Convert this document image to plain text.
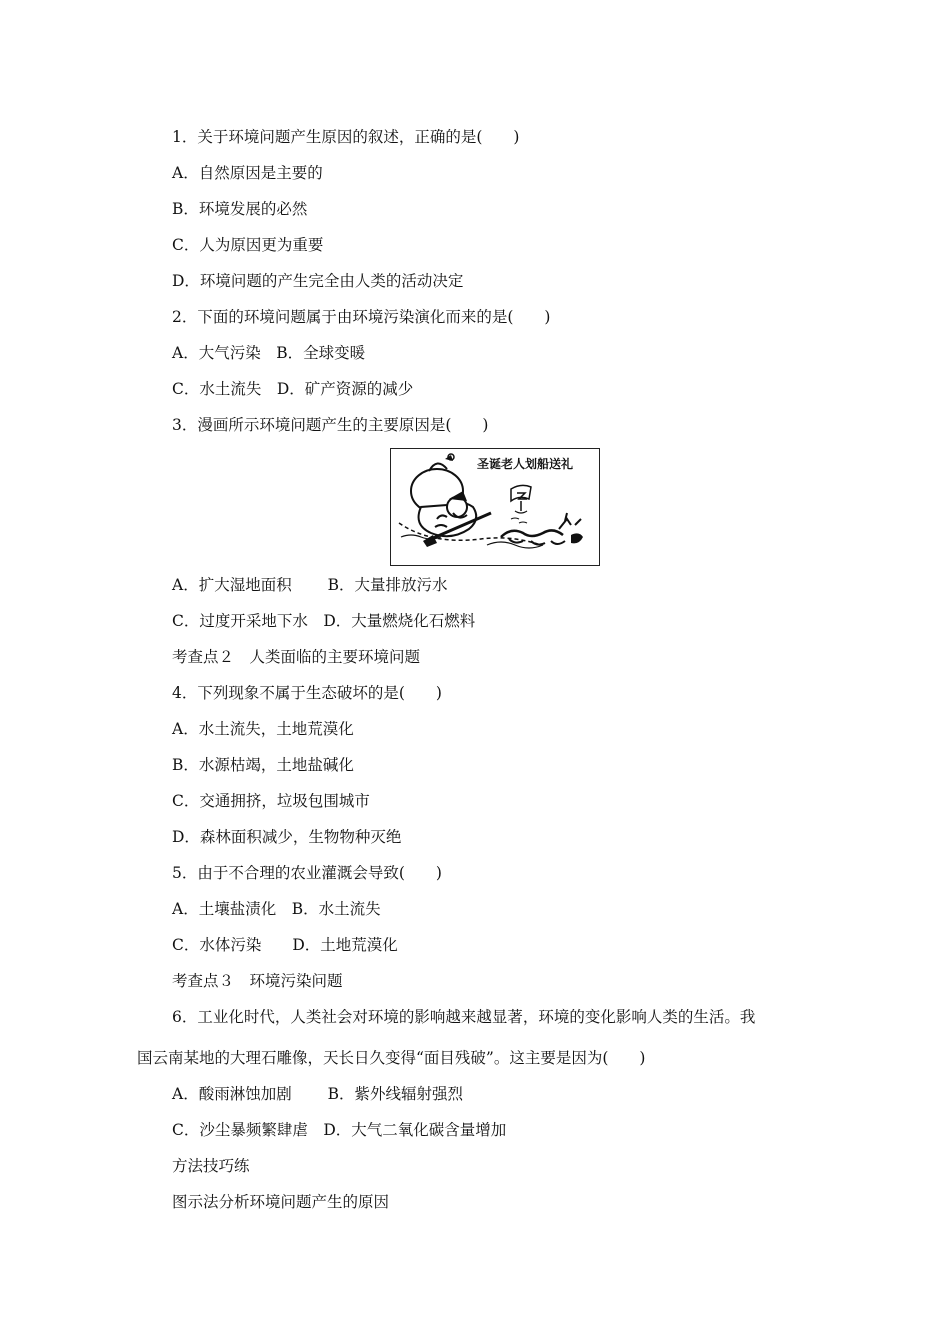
1．关于环境问题产生原因的叙述，正确的是(　　)
A．自然原因是主要的
B．环境发展的必然
C．人为原因更为重要
D．环境问题的产生完全由人类的活动决定
2．下面的环境问题属于由环境污染演化而来的是(　　)
A．大气污染　B．全球变暖
C．水土流失　D．矿产资源的减少
3．漫画所示环境问题产生的主要原因是(　　)
圣诞老人划船送礼
A．扩大湿地面积　　 B．大量排放污水
C．过度开采地下水　D．大量燃烧化石燃料
考查点２　人类面临的主要环境问题
4．下列现象不属于生态破坏的是(　　)
A．水土流失，土地荒漠化
B．水源枯竭，土地盐碱化
C．交通拥挤，垃圾包围城市
D．森林面积减少，生物物种灭绝
5．由于不合理的农业灌溉会导致(　　)
A．土壤盐渍化　B．水土流失
C．水体污染　　D．土地荒漠化
考查点３　环境污染问题
6．工业化时代，人类社会对环境的影响越来越显著，环境的变化影响人类的生活。我
国云南某地的大理石雕像，天长日久变得“面目残破”。这主要是因为(　　)
A．酸雨淋蚀加剧　　 B．紫外线辐射强烈
C．沙尘暴频繁肆虐　D．大气二氧化碳含量增加
方法技巧练
图示法分析环境问题产生的原因
